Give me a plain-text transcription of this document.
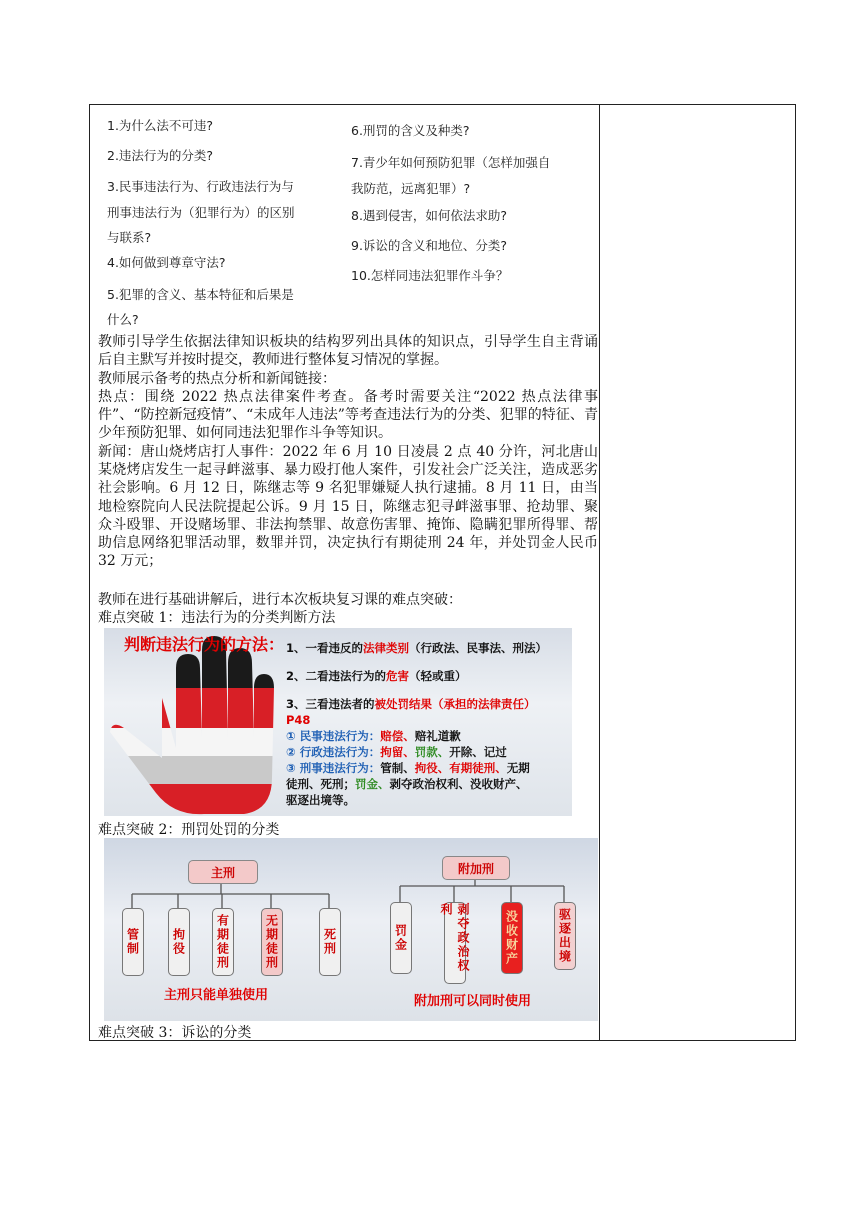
1.为什么法不可违?
2.违法行为的分类?
3.民事违法行为、行政违法行为与
刑事违法行为（犯罪行为）的区别
与联系?
4.如何做到尊章守法?
5.犯罪的含义、基本特征和后果是
什么?
6.刑罚的含义及种类?
7.青少年如何预防犯罪（怎样加强自
我防范，远离犯罪）?
8.遇到侵害，如何依法求助?
9.诉讼的含义和地位、分类?
10.怎样同违法犯罪作斗争？
教师引导学生依据法律知识板块的结构罗列出具体的知识点，引导学生自主背诵后自主默写并按时提交，教师进行整体复习情况的掌握。
教师展示备考的热点分析和新闻链接：
热点：围绕 2022 热点法律案件考查。备考时需要关注“2022 热点法律事件”、“防控新冠疫情”、“未成年人违法”等考查违法行为的分类、犯罪的特征、青少年预防犯罪、如何同违法犯罪作斗争等知识。
新闻：唐山烧烤店打人事件：2022 年 6 月 10 日凌晨 2 点 40 分许，河北唐山某烧烤店发生一起寻衅滋事、暴力殴打他人案件，引发社会广泛关注，造成恶劣社会影响。6 月 12 日，陈继志等 9 名犯罪嫌疑人执行逮捕。8 月 11 日，由当地检察院向人民法院提起公诉。9 月 15 日，陈继志犯寻衅滋事罪、抢劫罪、聚众斗殴罪、开设赌场罪、非法拘禁罪、故意伤害罪、掩饰、隐瞒犯罪所得罪、帮助信息网络犯罪活动罪，数罪并罚，决定执行有期徒刑 24 年，并处罚金人民币 32 万元；
教师在进行基础讲解后，进行本次板块复习课的难点突破：
难点突破 1：违法行为的分类判断方法
判断违法行为的方法： 1、一看违反的法律类别（行政法、民事法、刑法）
2、二看违法行为的危害（轻或重）
3、三看违法者的被处罚结果（承担的法律责任）
P48
① 民事违法行为：赔偿、赔礼道歉
② 行政违法行为：拘留、罚款、开除、记过
③ 刑事违法行为：管制、拘役、有期徒刑、无期
徒刑、死刑；罚金、剥夺政治权利、没收财产、
驱逐出境等。
难点突破 2：刑罚处罚的分类
主刑
管制	拘役	有期徒刑	无期徒刑	死刑
主刑只能单独使用
附加刑
罚金	剥夺政治权利	没收财产	驱逐出境
附加刑可以同时使用
难点突破 3：诉讼的分类
